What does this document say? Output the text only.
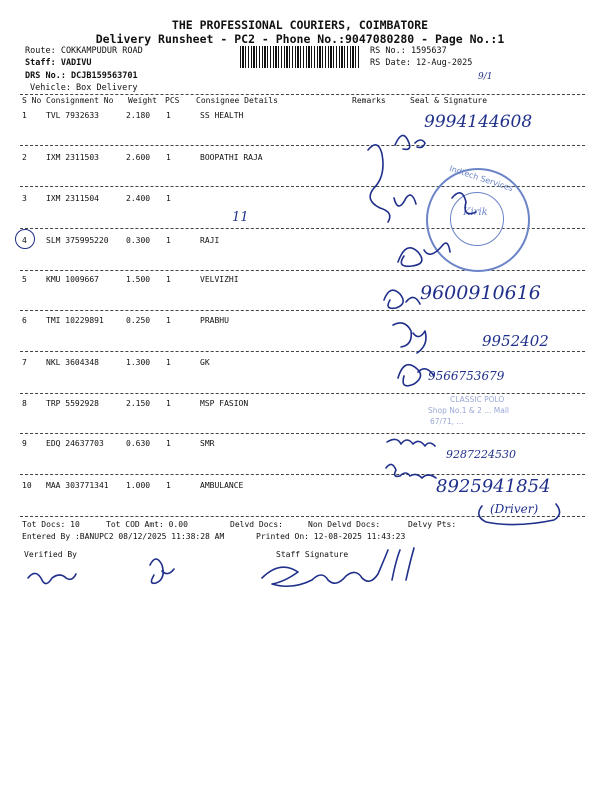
THE PROFESSIONAL COURIERS, COIMBATORE
Delivery Runsheet - PC2 - Phone No.:9047080280 - Page No.:1
Route: COKKAMPUDUR ROAD
Staff: VADIVU
DRS No.: DCJB159563701
Vehicle: Box Delivery
RS No.: 1595637
RS Date: 12-Aug-2025
9/1
S No Consignment No Weight PCS Consignee Details	Remarks	Seal & Signature
1 TVL 7932633	2.180 1	SS HEALTH
2 IXM 2311503	2.600 1	BOOPATHI RAJA
3 IXM 2311504	2.400 1
4 SLM 375995220 0.300 1	RAJI
5 KMU 1009667	1.500 1	VELVIZHI
6 TMI 10229891	0.250 1	PRABHU
7 NKL 3604348	1.300 1	GK
8 TRP 5592928	2.150 1	MSP FASION
9 EDQ 24637703	0.630 1	SMR
10 MAA 303771341 1.000 1	AMBULANCE
11
Indtech Services
Kirik
9994144608
9600910616
9952402
9566753679
9287224530
8925941854
(Driver)
CLASSIC POLO
Shop No.1 & 2 ... Mall
67/71, ...
Tot Docs: 10	Tot COD Amt: 0.00	Delvd Docs:	Non Delvd Docs:	Delvy Pts:
Entered By :BANUPC2 08/12/2025 11:38:28 AM	Printed On: 12-08-2025 11:43:23
Verified By	Staff Signature
